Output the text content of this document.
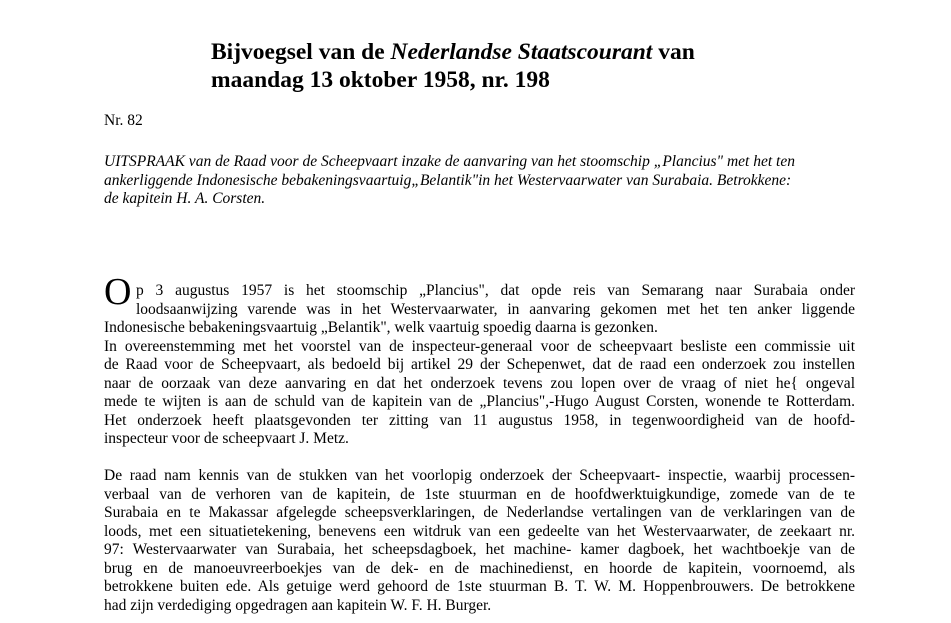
Bijvoegsel van de Nederlandse Staatscourant van
maandag 13 oktober 1958, nr. 198
Nr. 82
UITSPRAAK van de Raad voor de Scheepvaart inzake de aanvaring van het stoomschip „Plancius" met het ten
ankerliggende Indonesische bebakeningsvaartuig„Belantik"in het Westervaarwater van Surabaia. Betrokkene:
de kapitein H. A. Corsten.
O p 3 augustus 1957 is het stoomschip „Plancius", dat opde reis van Semarang naar Surabaia onder
loodsaanwijzing varende was in het Westervaarwater, in aanvaring gekomen met het ten anker liggende
Indonesische bebakeningsvaartuig „Belantik", welk vaartuig spoedig daarna is gezonken.
In overeenstemming met het voorstel van de inspecteur-generaal voor de scheepvaart besliste een commissie uit
de Raad voor de Scheepvaart, als bedoeld bij artikel 29 der Schepenwet, dat de raad een onderzoek zou instellen
naar de oorzaak van deze aanvaring en dat het onderzoek tevens zou lopen over de vraag of niet he{ ongeval
mede te wijten is aan de schuld van de kapitein van de „Plancius",-Hugo August Corsten, wonende te Rotterdam.
Het onderzoek heeft plaatsgevonden ter zitting van 11 augustus 1958, in tegenwoordigheid van de hoofd-
inspecteur voor de scheepvaart J. Metz.
De raad nam kennis van de stukken van het voorlopig onderzoek der Scheepvaart- inspectie, waarbij processen-
verbaal van de verhoren van de kapitein, de 1ste stuurman en de hoofdwerktuigkundige, zomede van de te
Surabaia en te Makassar afgelegde scheepsverklaringen, de Nederlandse vertalingen van de verklaringen van de
loods, met een situatietekening, benevens een witdruk van een gedeelte van het Westervaarwater, de zeekaart nr.
97: Westervaarwater van Surabaia, het scheepsdagboek, het machine- kamer dagboek, het wachtboekje van de
brug en de manoeuvreerboekjes van de dek- en de machinedienst, en hoorde de kapitein, voornoemd, als
betrokkene buiten ede. Als getuige werd gehoord de 1ste stuurman B. T. W. M. Hoppenbrouwers. De betrokkene
had zijn verdediging opgedragen aan kapitein W. F. H. Burger.
